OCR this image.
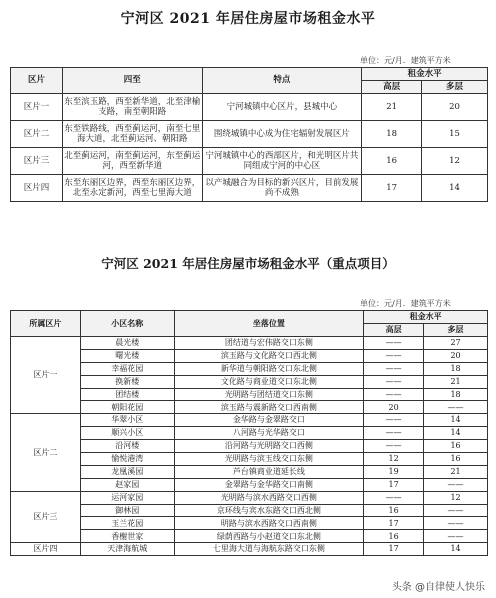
宁河区 2021 年居住房屋市场租金水平
单位：元/月．建筑平方米
区片	四至	特点	租金水平	
			高层	多层
区片一	东至滨玉路，西至新华道，北至津榆支路，南至朝阳路	宁河城镇中心区片，县城中心	21	20
区片二	东至铁路线，西至蓟运河，南至七里海大道，北至蓟运河、朝阳路	围绕城镇中心成为住宅辐射发展区片	18	15
区片三	北至蓟运河，南至蓟运河，东至蓟运河，西至新华道	宁河城镇中心的西部区片，和光明区片共同组成宁河的中心区	16	12
区片四	东至东丽区边界，西至东丽区边界，北至永定新河，西至七里海大道	以产城融合为目标的新兴区片，目前发展尚不成熟	17	14
宁河区 2021 年居住房屋市场租金水平（重点项目）
单位：元/月．建筑平方米
所属区片	小区名称	坐落位置	租金水平	
			高层	多层
区片一	晨光楼	团结道与宏伟路交口东侧	——	27
	曙光楼	滨玉路与文化路交口西北侧	——	20
	幸福花园	新华道与朝阳路交口东北侧	——	18
	换新楼	文化路与商业道交口东北侧	——	21
	团结楼	光明路与团结道交口东侧	——	18
	朝阳花园	滨玉路与震新路交口西南侧	20	——
区片二	华翠小区	金华路与金翠路交口	——	14
	顺兴小区	八河路与光华路交口	——	14
	沿河楼	沿河路与光明路交口西侧	——	16
	愉悦港湾	光明路与滨玉线交口东侧	12	16
	龙凰溪园	芦台镇商业道延长线	19	21
	赵家园	金翠路与金华路交口南侧	17	——
区片三	运河家园	光明路与滨水西路交口西侧	——	12
	御林园	京环线与宾水东路交口西北侧	16	——
	玉兰花园	明路与滨水西路交口西南侧	17	——
	香榭世家	绿荫西路与小赵道交口东北侧	16	——
区片四	天津海航城	七里海大道与海航东路交口东侧	17	14
头条 @自律使人快乐
